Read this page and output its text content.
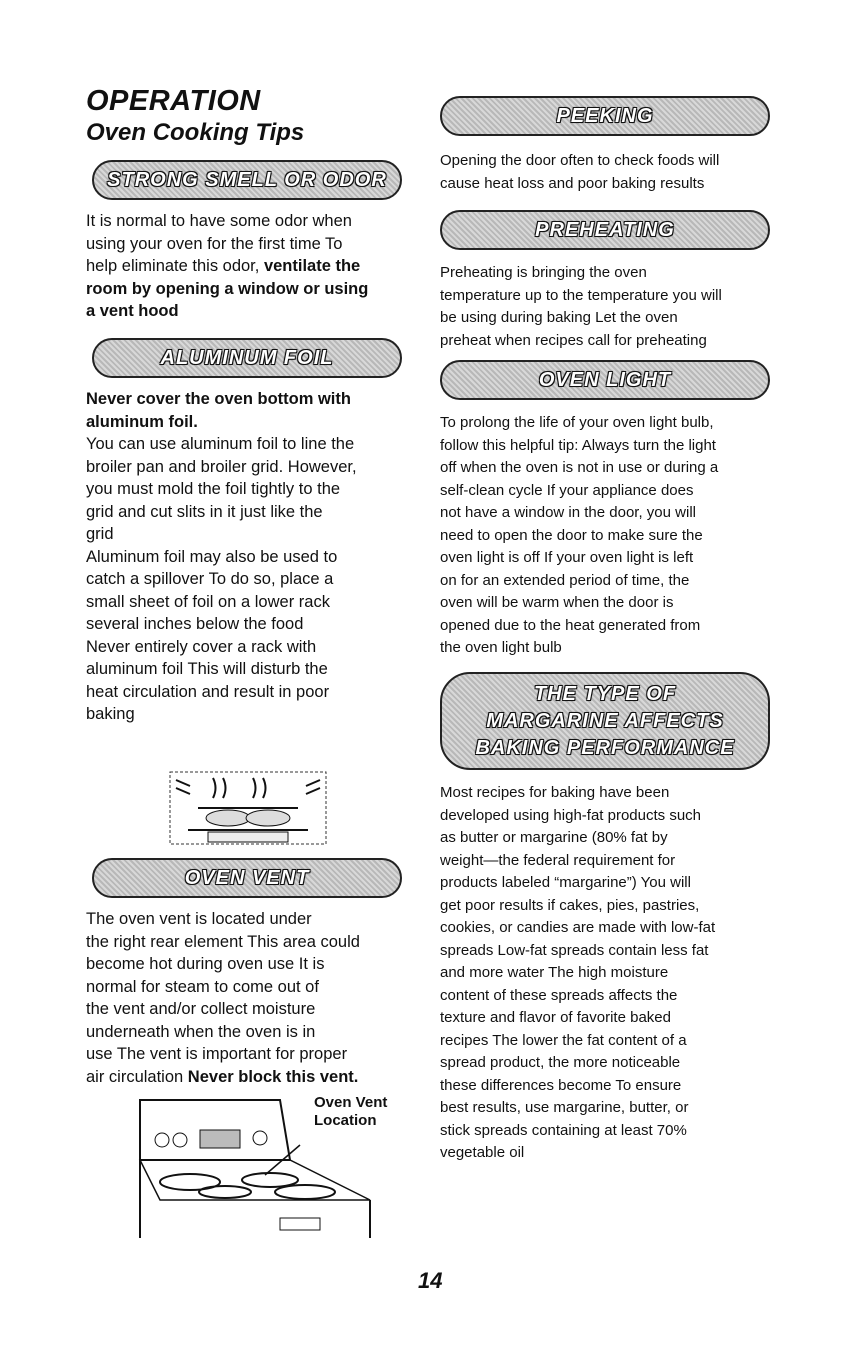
OPERATION
Oven Cooking Tips
STRONG SMELL OR ODOR

It is normal to have some odor when

using your oven for the first time To

help eliminate this odor, ventilate the

room by opening a window or using

a vent hood

ALUMINUM FOIL

Never cover the oven bottom with

aluminum foil.

You can use aluminum foil to line the

broiler pan and broiler grid. However,

you must mold the foil tightly to the

grid and cut slits in it just like the

grid

Aluminum foil may also be used to

catch a spillover To do so, place a

small sheet of foil on a lower rack

several inches below the food

Never entirely cover a rack with

aluminum foil This will disturb the

heat circulation and result in poor

baking

OVEN VENT

The oven vent is located under

the right rear element This area could

become hot during oven use It is

normal for steam to come out of

the vent and/or collect moisture

underneath when the oven is in

use The vent is important for proper

air circulation Never block this vent.

Oven Vent

Location

PEEKING

Opening the door often to check foods will

cause heat loss and poor baking results

PREHEATING

Preheating is bringing the oven

temperature up to the temperature you will

be using during baking Let the oven

preheat when recipes call for preheating

OVEN LIGHT

To prolong the life of your oven light bulb,

follow this helpful tip: Always turn the light

off when the oven is not in use or during a

self-clean cycle If your appliance does

not have a window in the door, you will

need to open the door to make sure the

oven light is off If your oven light is left

on for an extended period of time, the

oven will be warm when the door is

opened due to the heat generated from

the oven light bulb

THE TYPE OF
MARGARINE AFFECTS
BAKING PERFORMANCE

Most recipes for baking have been

developed using high-fat products such

as butter or margarine (80% fat by

weight—the federal requirement for

products labeled “margarine”) You will

get poor results if cakes, pies, pastries,

cookies, or candies are made with low-fat

spreads Low-fat spreads contain less fat

and more water The high moisture

content of these spreads affects the

texture and flavor of favorite baked

recipes The lower the fat content of a

spread product, the more noticeable

these differences become To ensure

best results, use margarine, butter, or

stick spreads containing at least 70%

vegetable oil

14
